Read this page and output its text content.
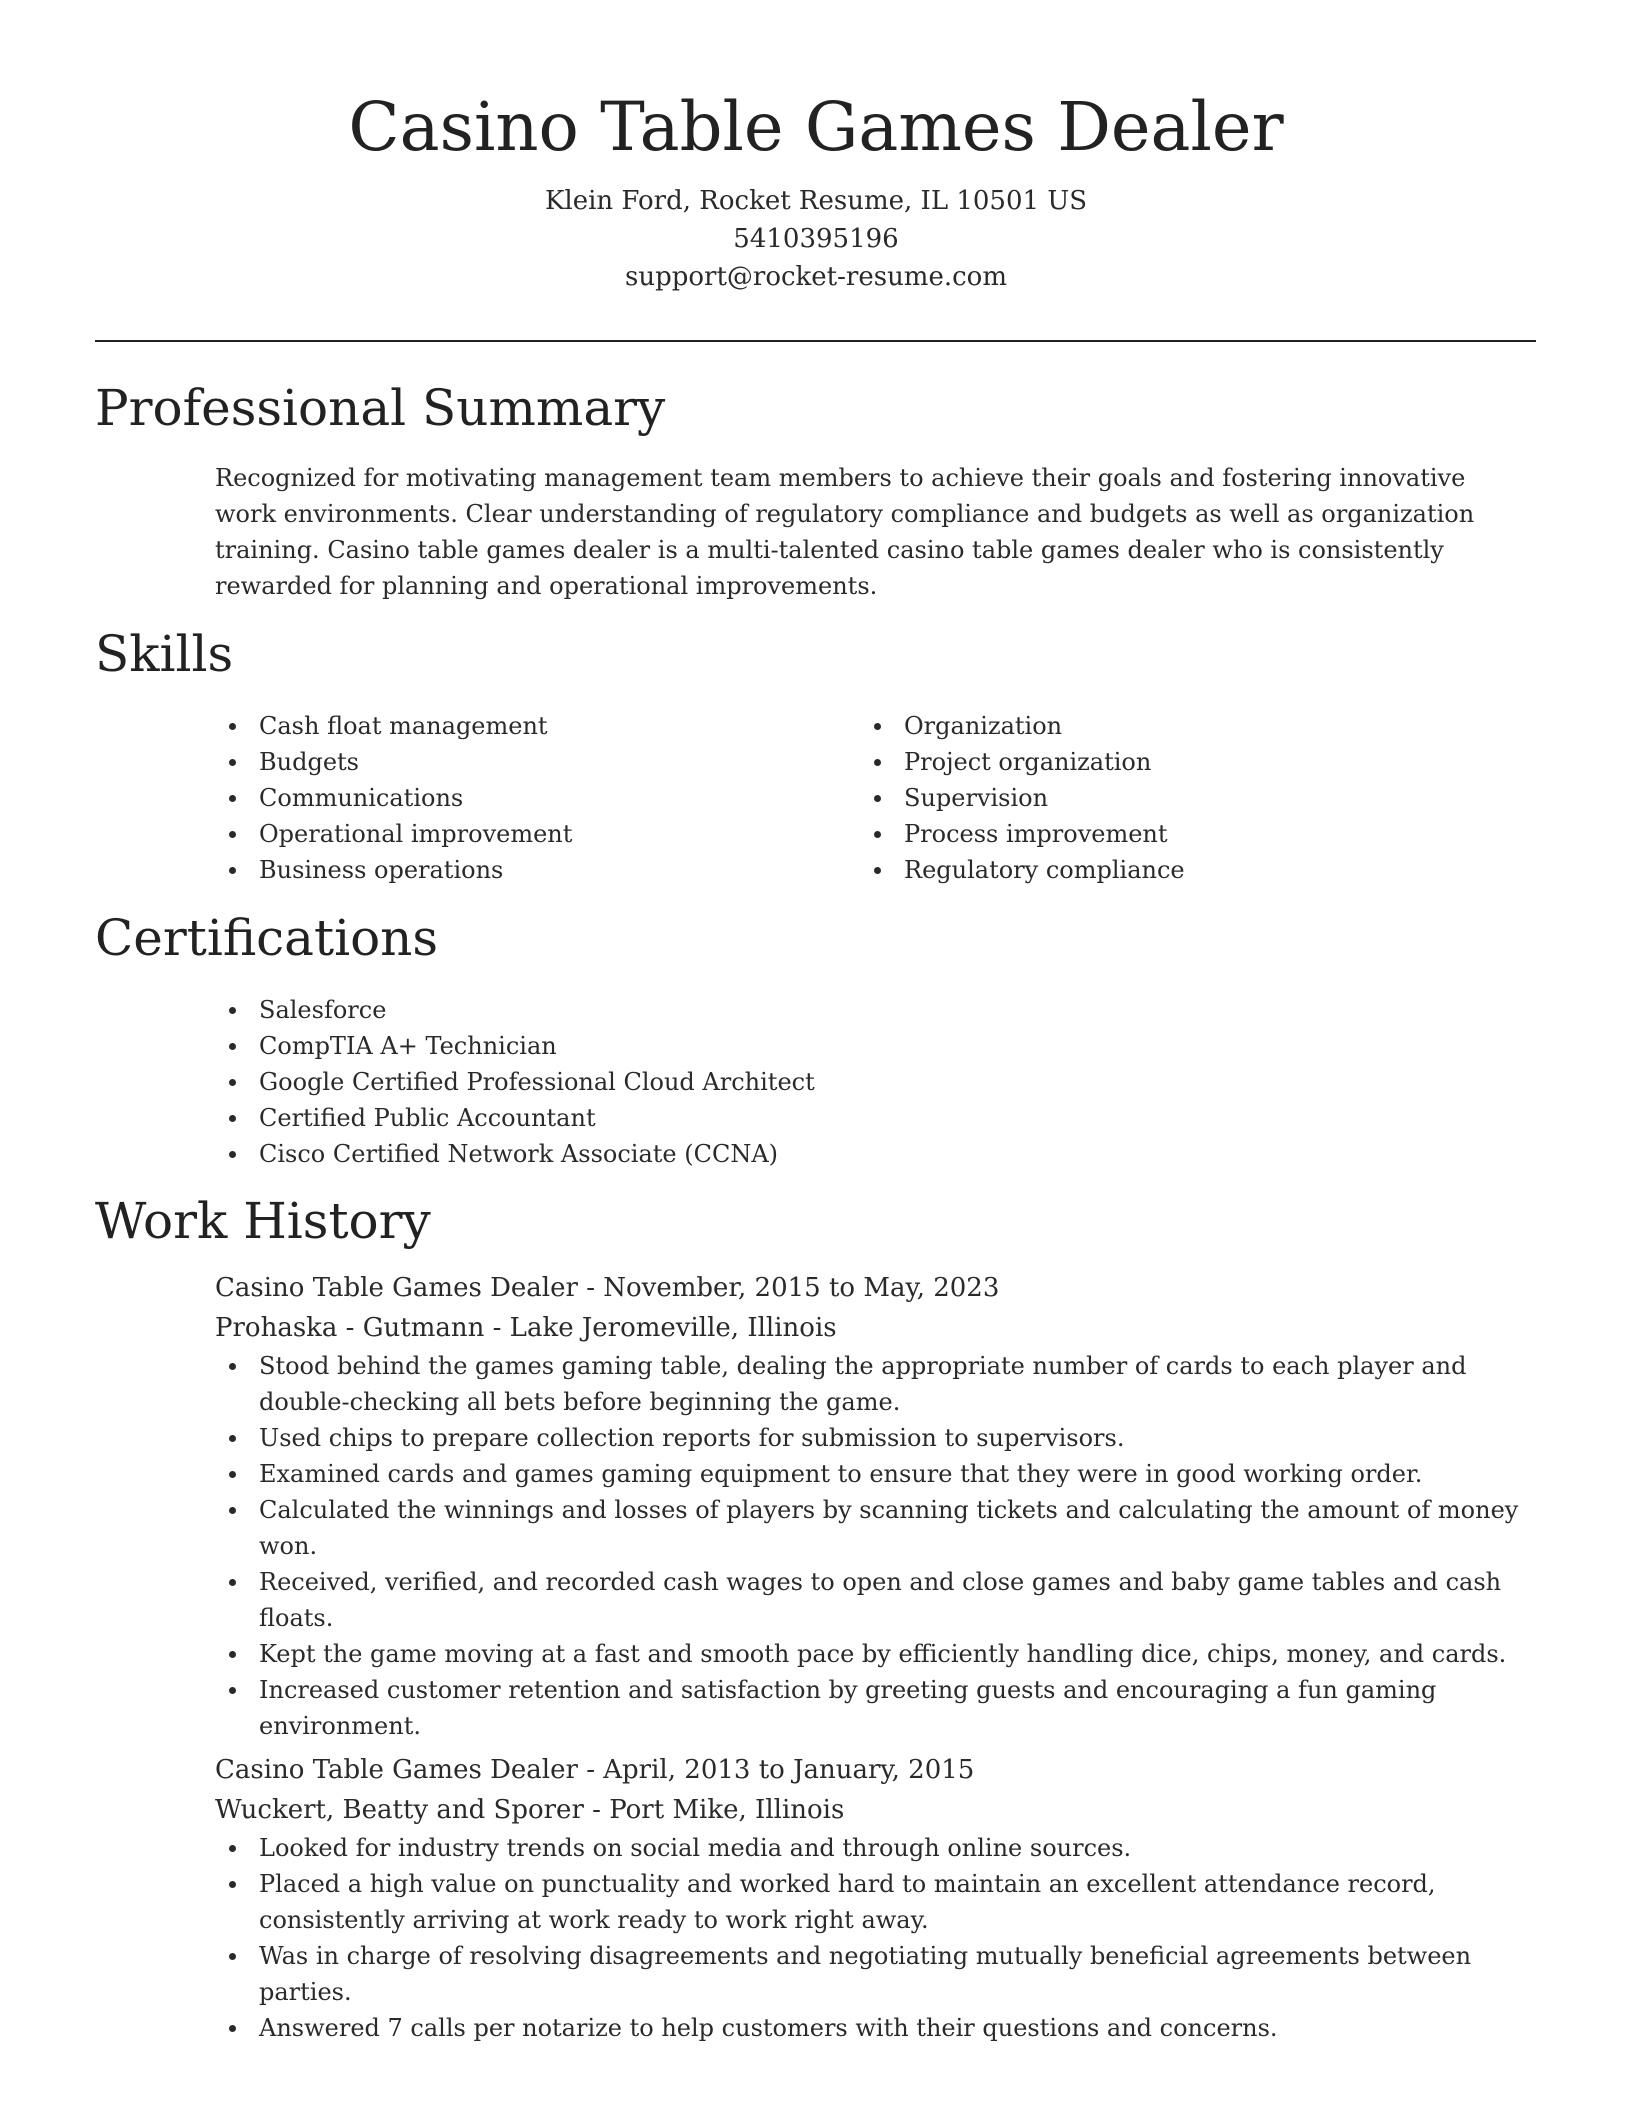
Casino Table Games Dealer
Klein Ford, Rocket Resume, IL 10501 US
5410395196
support@rocket-resume.com
Professional Summary

Recognized for motivating management team members to achieve their goals and fostering innovative work environments. Clear understanding of regulatory compliance and budgets as well as organization training. Casino table games dealer is a multi-talented casino table games dealer who is consistently rewarded for planning and operational improvements.

Skills
Cash float management
Budgets
Communications
Operational improvement
Business operations
Organization
Project organization
Supervision
Process improvement
Regulatory compliance
Certifications
Salesforce
CompTIA A+ Technician
Google Certified Professional Cloud Architect
Certified Public Accountant
Cisco Certified Network Associate (CCNA)
Work History
Casino Table Games Dealer - November, 2015 to May, 2023
Prohaska - Gutmann - Lake Jeromeville, Illinois
Stood behind the games gaming table, dealing the appropriate number of cards to each player and double-checking all bets before beginning the game.
Used chips to prepare collection reports for submission to supervisors.
Examined cards and games gaming equipment to ensure that they were in good working order.
Calculated the winnings and losses of players by scanning tickets and calculating the amount of money won.
Received, verified, and recorded cash wages to open and close games and baby game tables and cash floats.
Kept the game moving at a fast and smooth pace by efficiently handling dice, chips, money, and cards.
Increased customer retention and satisfaction by greeting guests and encouraging a fun gaming environment.
Casino Table Games Dealer - April, 2013 to January, 2015
Wuckert, Beatty and Sporer - Port Mike, Illinois
Looked for industry trends on social media and through online sources.
Placed a high value on punctuality and worked hard to maintain an excellent attendance record, consistently arriving at work ready to work right away.
Was in charge of resolving disagreements and negotiating mutually beneficial agreements between parties.
Answered 7 calls per notarize to help customers with their questions and concerns.
